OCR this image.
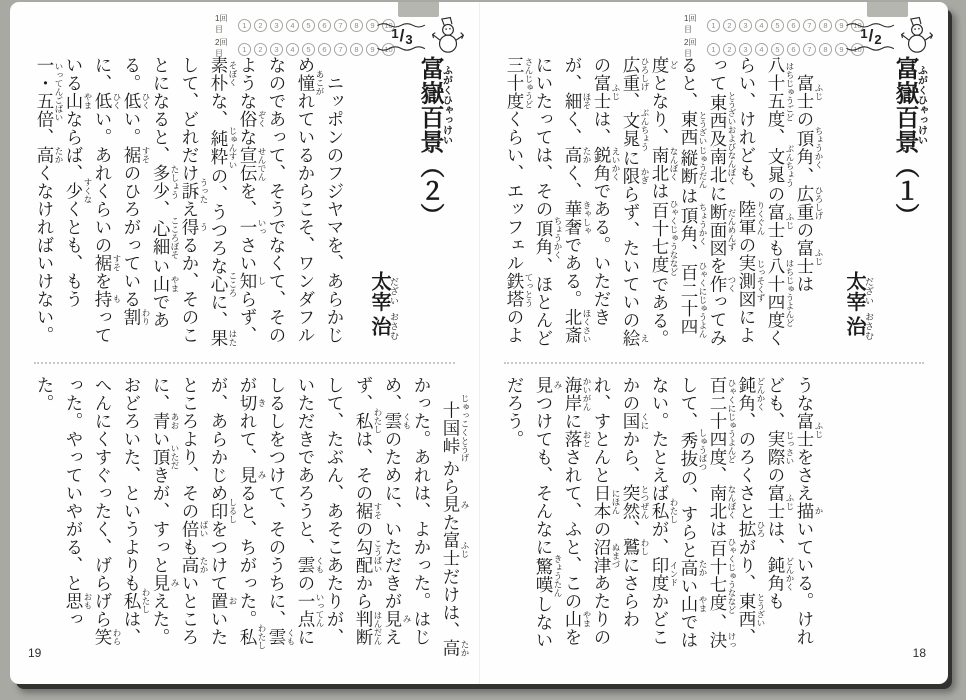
1回目	1 2 3 4 5 6 7 8 9 10
2回目	1 2 3 4 5 6 7 8 9 10
1/3
富嶽百景ふがくひゃっけい（２）
太宰 だざい治 おさむ
ニッポンのフジヤマを、あらかじめ憧 あこがれているからこそ、ワンダフルなのであって、そうでなくて、そのような俗 ぞくな宣伝 せんでんを、一 いっさい知 しらず、素朴 そぼくな、純粋 じゅんすいの、うつろな心 こころに、果 はたして、どれだけ訴 うったえ得 うるか、そのことになると、多少 たしょう、心細 こころぼそい山 やまである。低 ひくい。裾 すそのひろがっている割 わりに、低 ひくい。あれくらいの裾 すそを持 もっている山 やまならば、少 すくなくとも、もう一・五倍 いってんごばい、高 たかくなければいけない。
十国峠 じゅっこくとうげから見 みた富士 ふじだけは、高 たかかった。あれは、よかった。はじめ、雲 くものために、いただきが見 みえず、私 わたしは、その裾 すその勾配 こうばいから判断 はんだんして、たぶん、あそこあたりが、いただきであろうと、雲 くもの一点 いってんにしるしをつけて、そのうちに、雲 くもが切 きれて、見 みると、ちがった。私 わたしが、あらかじめ印 しるしをつけて置 おいたところより、その倍 ばいも高 たかいところに、青 あおい頂 いただきが、すっと見 みえた。おどろいた、というよりも私 わたしは、へんにくすぐったく、げらげら笑 わらった。やっていやがる、と思 おもった。
19
1回目	1 2 3 4 5 6 7 8 9 10
2回目	1 2 3 4 5 6 7 8 9 10
1/2
富嶽百景ふがくひゃっけい（１）
太宰 だざい治 おさむ
富士 ふじの頂角 ちょうかく、広重 ひろしげの富士 ふじは八十五度 はちじゅうごど、文晁 ぶんちょうの富士 ふじも八十四度 はちじゅうよんどくらい、けれども、陸軍 りくぐんの実測図 じっそくずによって東西及南北 とうざいおよびなんぼくに断面図 だんめんずを作 つくってみると、東西 とうざい縦断 じゅうだんは頂角 ちょうかく、百二十四度ひゃくにじゅうよんどとなり、南北 なんぼくは百十七度 ひゃくじゅうななどである。広重 ひろしげ、文晁 ぶんちょうに限 かぎらず、たいていの絵 えの富士 ふじは、鋭角 えいかくである。いただきが、細 ほそく、高 たかく、華奢 きゃしゃである。北斎 ほくさいにいたっては、その頂角 ちょうかく、ほとんど三十度 さんじゅうどくらい、エッフェル鉄塔 てっとうのよ
うな富士 ふじをさえ描 かいている。けれども、実際 じっさいの富士 ふじは、鈍角 どんかくも鈍角 どんかく、のろくさと拡 ひろがり、東西 とうざい、百二十四度 ひゃくにじゅうよんど、南北 なんぼくは百十七度 ひゃくじゅうななど、決 けっして、秀抜 しゅうばつの、すらと高 たかい山 やまではない。たとえば私 わたしが、印度 インドかどこかの国 くにから、突然 とつぜん、鷲 わしにさらわれ、すとんと日本 にほんの沼津 ぬまづあたりの海岸 かいがんに落 おとされて、ふと、この山 やまを見 みつけても、そんなに驚嘆 きょうたんしないだろう。
18
